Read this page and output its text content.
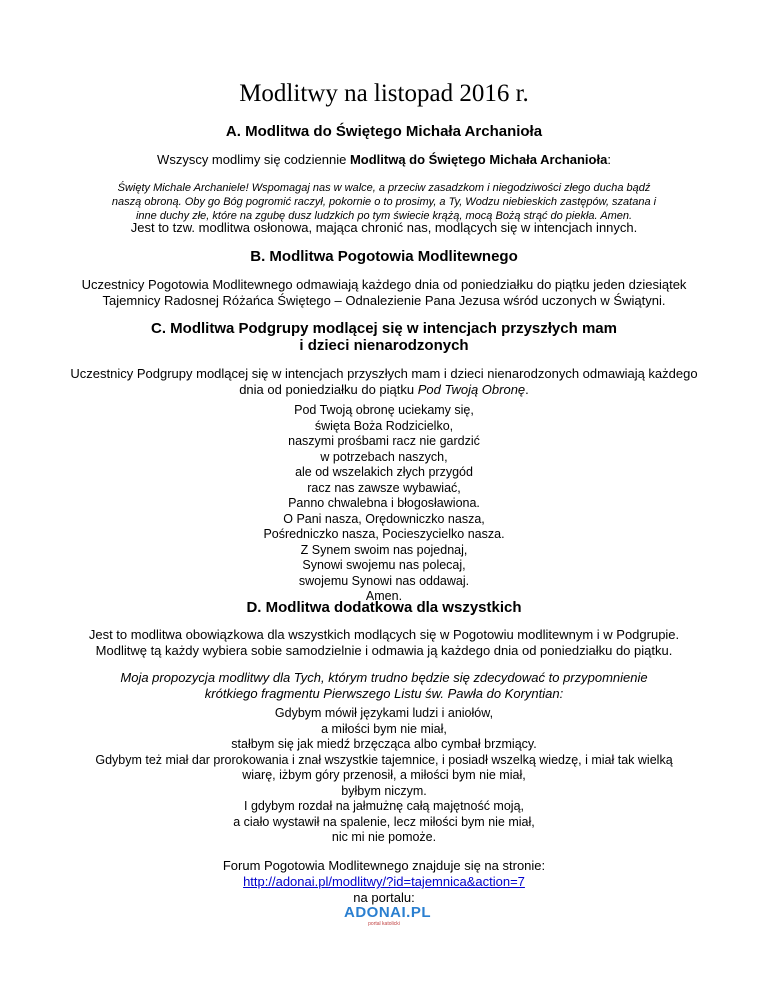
Modlitwy na listopad 2016 r.
A. Modlitwa do Świętego Michała Archanioła
Wszyscy modlimy się codziennie Modlitwą do Świętego Michała Archanioła:
Święty Michale Archaniele! Wspomagaj nas w walce, a przeciw zasadzkom i niegodziwości złego ducha bądź
naszą obroną. Oby go Bóg pogromić raczył, pokornie o to prosimy, a Ty, Wodzu niebieskich zastępów, szatana i
inne duchy złe, które na zgubę dusz ludzkich po tym świecie krążą, mocą Bożą strąć do piekła. Amen.
Jest to tzw. modlitwa osłonowa, mająca chronić nas, modlących się w intencjach innych.
B. Modlitwa Pogotowia Modlitewnego
Uczestnicy Pogotowia Modlitewnego odmawiają każdego dnia od poniedziałku do piątku jeden dziesiątek
Tajemnicy Radosnej Różańca Świętego – Odnalezienie Pana Jezusa wśród uczonych w Świątyni.
C. Modlitwa Podgrupy modlącej się w intencjach przyszłych mam
i dzieci nienarodzonych
Uczestnicy Podgrupy modlącej się w intencjach przyszłych mam i dzieci nienarodzonych odmawiają każdego
dnia od poniedziałku do piątku Pod Twoją Obronę.
Pod Twoją obronę uciekamy się,
święta Boża Rodzicielko,
naszymi prośbami racz nie gardzić
w potrzebach naszych,
ale od wszelakich złych przygód
racz nas zawsze wybawiać,
Panno chwalebna i błogosławiona.
O Pani nasza, Orędowniczko nasza,
Pośredniczko nasza, Pocieszycielko nasza.
Z Synem swoim nas pojednaj,
Synowi swojemu nas polecaj,
swojemu Synowi nas oddawaj.
Amen.
D. Modlitwa dodatkowa dla wszystkich
Jest to modlitwa obowiązkowa dla wszystkich modlących się w Pogotowiu modlitewnym i w Podgrupie.
Modlitwę tą każdy wybiera sobie samodzielnie i odmawia ją każdego dnia od poniedziałku do piątku.
Moja propozycja modlitwy dla Tych, którym trudno będzie się zdecydować to przypomnienie
krótkiego fragmentu Pierwszego Listu św. Pawła do Koryntian:
Gdybym mówił językami ludzi i aniołów,
a miłości bym nie miał,
stałbym się jak miedź brzęcząca albo cymbał brzmiący.
Gdybym też miał dar prorokowania i znał wszystkie tajemnice, i posiadł wszelką wiedzę, i miał tak wielką
wiarę, iżbym góry przenosił, a miłości bym nie miał,
byłbym niczym.
I gdybym rozdał na jałmużnę całą majętność moją,
a ciało wystawił na spalenie, lecz miłości bym nie miał,
nic mi nie pomoże.
Forum Pogotowia Modlitewnego znajduje się na stronie:
http://adonai.pl/modlitwy/?id=tajemnica&action=7
na portalu:
ADONAI.PL
portal katolicki
